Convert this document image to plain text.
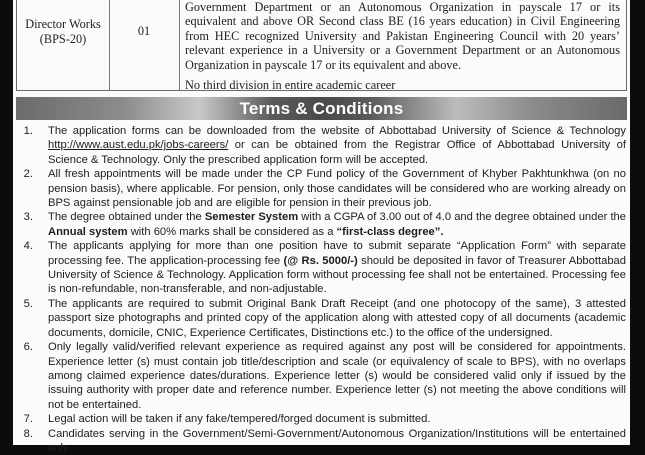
Director Works
(BPS-20)
01
Government Department or an Autonomous Organization in payscale 17 or its equivalent and above OR Second class BE (16 years education) in Civil Engineering from HEC recognized University and Pakistan Engineering Council with 20 years’ relevant experience in a University or a Government Department or an Autonomous Organization in payscale 17 or its equivalent and above.
No third division in entire academic career
Terms & Conditions
1. The application forms can be downloaded from the website of Abbottabad University of Science & Technology http://www.aust.edu.pk/jobs-careers/ or can be obtained from the Registrar Office of Abbottabad University of Science & Technology. Only the prescribed application form will be accepted.
2. All fresh appointments will be made under the CP Fund policy of the Government of Khyber Pakhtunkhwa (on no pension basis), where applicable. For pension, only those candidates will be considered who are working already on BPS against pensionable job and are eligible for pension in their previous job.
3. The degree obtained under the Semester System with a CGPA of 3.00 out of 4.0 and the degree obtained under the Annual system with 60% marks shall be considered as a “first-class degree”.
4. The applicants applying for more than one position have to submit separate “Application Form” with separate processing fee. The application-processing fee (@ Rs. 5000/-) should be deposited in favor of Treasurer Abbottabad University of Science & Technology. Application form without processing fee shall not be entertained. Processing fee is non-refundable, non-transferable, and non-adjustable.
5. The applicants are required to submit Original Bank Draft Receipt (and one photocopy of the same), 3 attested passport size photographs and printed copy of the application along with attested copy of all documents (academic documents, domicile, CNIC, Experience Certificates, Distinctions etc.) to the office of the undersigned.
6. Only legally valid/verified relevant experience as required against any post will be considered for appointments. Experience letter (s) must contain job title/description and scale (or equivalency of scale to BPS), with no overlaps among claimed experience dates/durations. Experience letter (s) would be considered valid only if issued by the issuing authority with proper date and reference number. Experience letter (s) not meeting the above conditions will not be entertained.
7. Legal action will be taken if any fake/tempered/forged document is submitted.
8. Candidates serving in the Government/Semi-Government/Autonomous Organization/Institutions will be entertained only
